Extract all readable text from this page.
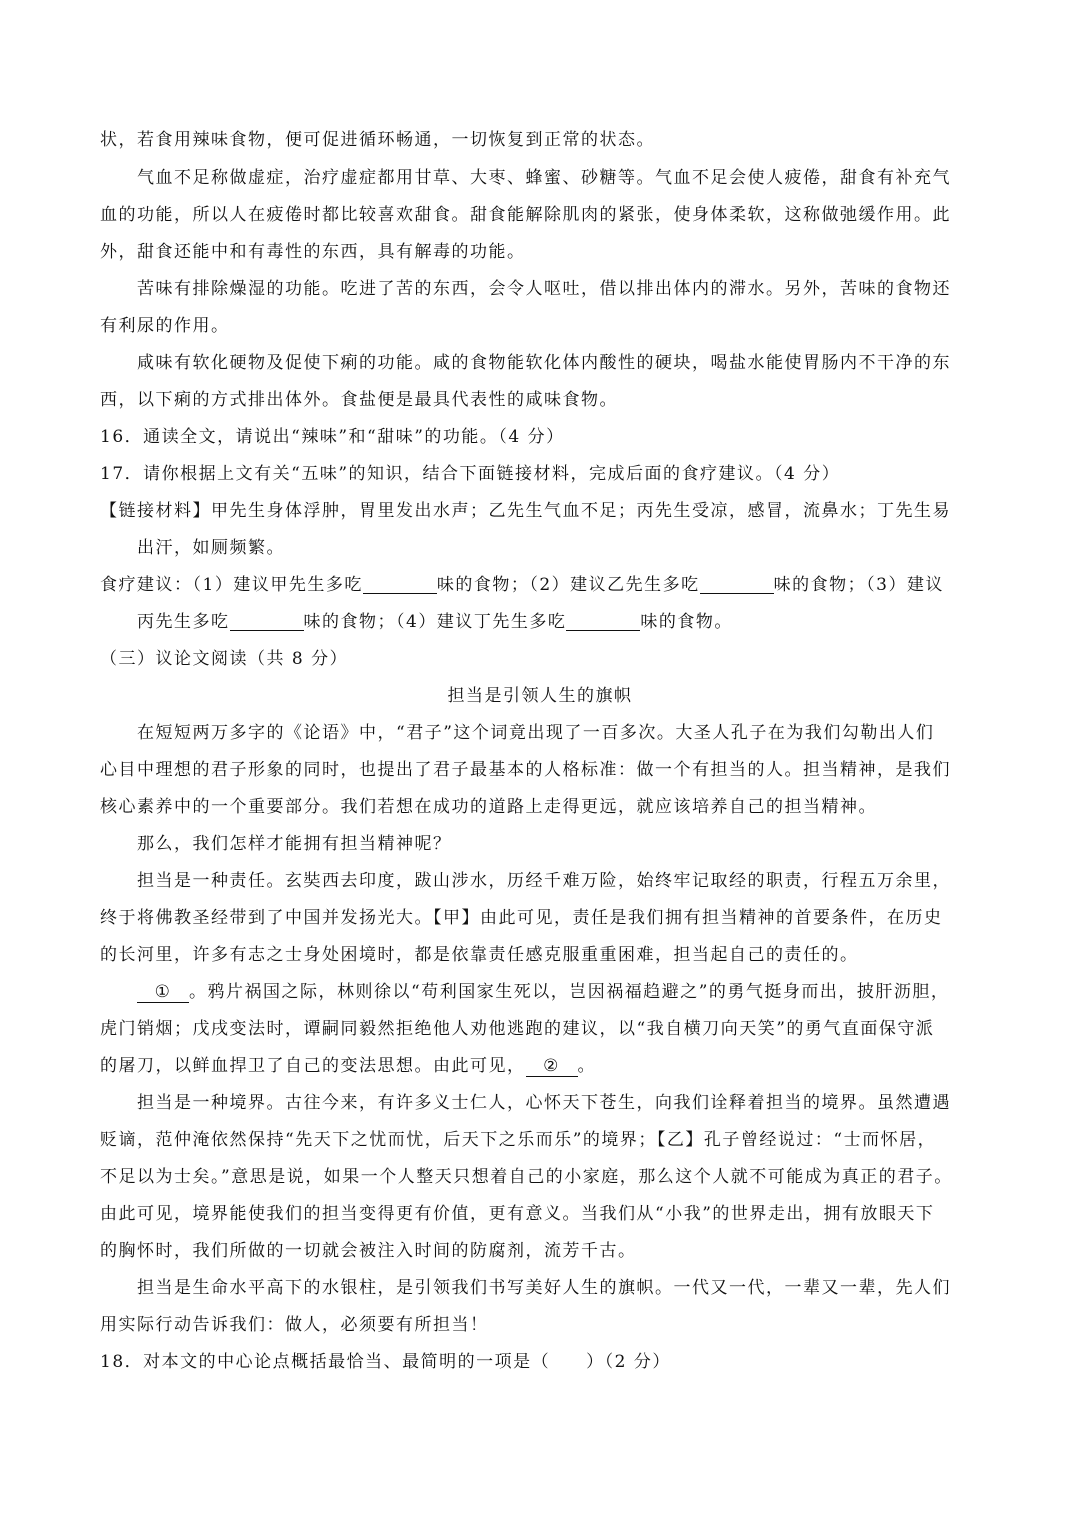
状，若食用辣味食物，便可促进循环畅通，一切恢复到正常的状态。
气血不足称做虚症，治疗虚症都用甘草、大枣、蜂蜜、砂糖等。气血不足会使人疲倦，甜食有补充气
血的功能，所以人在疲倦时都比较喜欢甜食。甜食能解除肌肉的紧张，使身体柔软，这称做弛缓作用。此
外，甜食还能中和有毒性的东西，具有解毒的功能。
苦味有排除燥湿的功能。吃进了苦的东西，会令人呕吐，借以排出体内的滞水。另外，苦味的食物还
有利尿的作用。
咸味有软化硬物及促使下痢的功能。咸的食物能软化体内酸性的硬块，喝盐水能使胃肠内不干净的东
西，以下痢的方式排出体外。食盐便是最具代表性的咸味食物。
16．通读全文，请说出“辣味”和“甜味”的功能。（4 分）
17．请你根据上文有关“五味”的知识，结合下面链接材料，完成后面的食疗建议。（4 分）
【链接材料】甲先生身体浮肿，胃里发出水声；乙先生气血不足；丙先生受凉，感冒，流鼻水；丁先生易
出汗，如厕频繁。
食疗建议：（1）建议甲先生多吃	味的食物；（2）建议乙先生多吃	味的食物；（3）建议
丙先生多吃	味的食物；（4）建议丁先生多吃	味的食物。
（三）议论文阅读（共 8 分）
担当是引领人生的旗帜
在短短两万多字的《论语》中，“君子”这个词竟出现了一百多次。大圣人孔子在为我们勾勒出人们
心目中理想的君子形象的同时，也提出了君子最基本的人格标准：做一个有担当的人。担当精神，是我们
核心素养中的一个重要部分。我们若想在成功的道路上走得更远，就应该培养自己的担当精神。
那么，我们怎样才能拥有担当精神呢？
担当是一种责任。玄奘西去印度，跋山涉水，历经千难万险，始终牢记取经的职责，行程五万余里，
终于将佛教圣经带到了中国并发扬光大。【甲】由此可见，责任是我们拥有担当精神的首要条件，在历史
的长河里，许多有志之士身处困境时，都是依靠责任感克服重重困难，担当起自己的责任的。
① 。鸦片祸国之际，林则徐以“苟利国家生死以，岂因祸福趋避之”的勇气挺身而出，披肝沥胆，
虎门销烟；戊戌变法时，谭嗣同毅然拒绝他人劝他逃跑的建议，以“我自横刀向天笑”的勇气直面保守派
的屠刀，以鲜血捍卫了自己的变法思想。由此可见， ② 。
担当是一种境界。古往今来，有许多义士仁人，心怀天下苍生，向我们诠释着担当的境界。虽然遭遇
贬谪，范仲淹依然保持“先天下之忧而忧，后天下之乐而乐”的境界；【乙】孔子曾经说过：“士而怀居，
不足以为士矣。”意思是说，如果一个人整天只想着自己的小家庭，那么这个人就不可能成为真正的君子。
由此可见，境界能使我们的担当变得更有价值，更有意义。当我们从“小我”的世界走出，拥有放眼天下
的胸怀时，我们所做的一切就会被注入时间的防腐剂，流芳千古。
担当是生命水平高下的水银柱，是引领我们书写美好人生的旗帜。一代又一代，一辈又一辈，先人们
用实际行动告诉我们：做人，必须要有所担当！
18．对本文的中心论点概括最恰当、最简明的一项是（ ）（2 分）
